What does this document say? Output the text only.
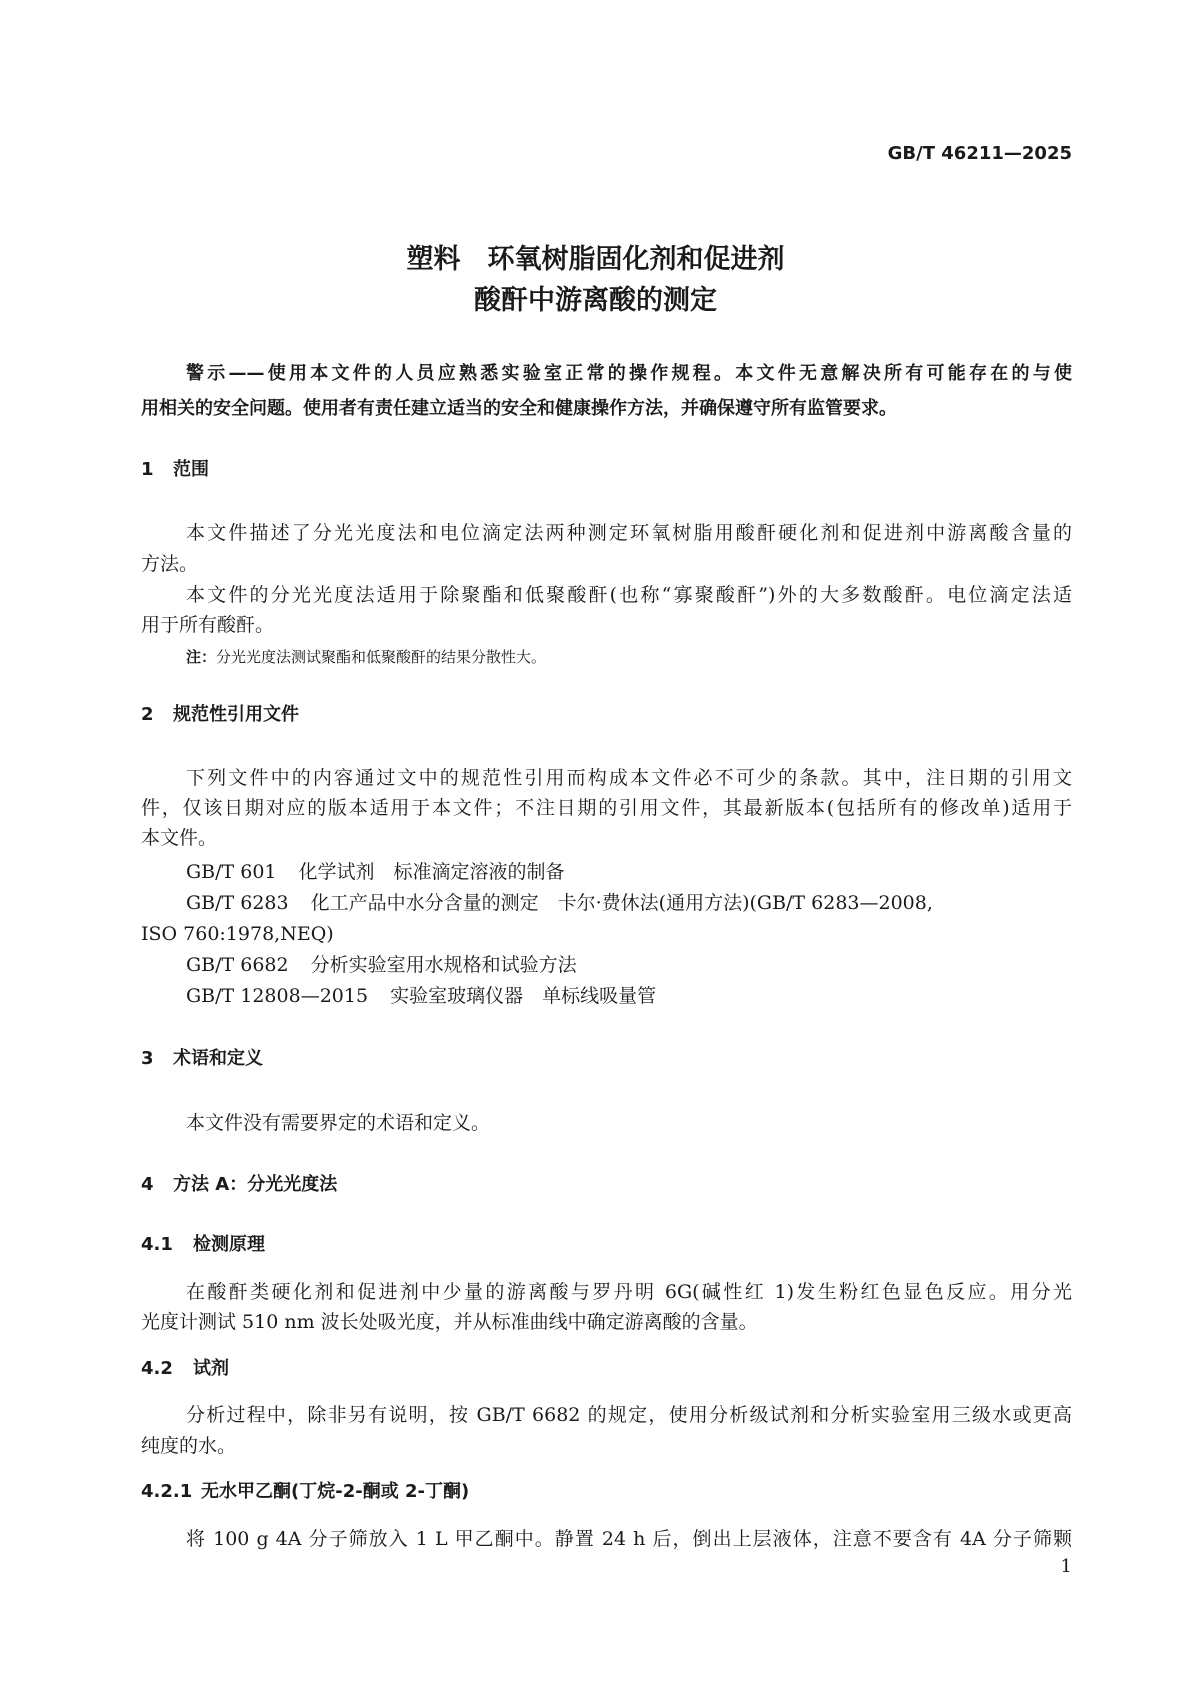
GB/T 46211—2025
塑料　环氧树脂固化剂和促进剂
酸酐中游离酸的测定
警示——使用本文件的人员应熟悉实验室正常的操作规程。本文件无意解决所有可能存在的与使
用相关的安全问题。使用者有责任建立适当的安全和健康操作方法，并确保遵守所有监管要求。
1 范围
本文件描述了分光光度法和电位滴定法两种测定环氧树脂用酸酐硬化剂和促进剂中游离酸含量的
方法。
本文件的分光光度法适用于除聚酯和低聚酸酐(也称“寡聚酸酐”)外的大多数酸酐。电位滴定法适
用于所有酸酐。
注：分光光度法测试聚酯和低聚酸酐的结果分散性大。
2 规范性引用文件
下列文件中的内容通过文中的规范性引用而构成本文件必不可少的条款。其中，注日期的引用文
件，仅该日期对应的版本适用于本文件；不注日期的引用文件，其最新版本(包括所有的修改单)适用于
本文件。
GB/T 601 化学试剂　标准滴定溶液的制备
GB/T 6283 化工产品中水分含量的测定　卡尔·费休法(通用方法)(GB/T 6283—2008,
ISO 760:1978,NEQ)
GB/T 6682 分析实验室用水规格和试验方法
GB/T 12808—2015 实验室玻璃仪器　单标线吸量管
3 术语和定义
本文件没有需要界定的术语和定义。
4 方法 A：分光光度法
4.1 检测原理
在酸酐类硬化剂和促进剂中少量的游离酸与罗丹明 6G(碱性红 1)发生粉红色显色反应。用分光
光度计测试 510 nm 波长处吸光度，并从标准曲线中确定游离酸的含量。
4.2 试剂
分析过程中，除非另有说明，按 GB/T 6682 的规定，使用分析级试剂和分析实验室用三级水或更高
纯度的水。
4.2.1 无水甲乙酮(丁烷-2-酮或 2-丁酮)
将 100 g 4A 分子筛放入 1 L 甲乙酮中。静置 24 h 后，倒出上层液体，注意不要含有 4A 分子筛颗
1
